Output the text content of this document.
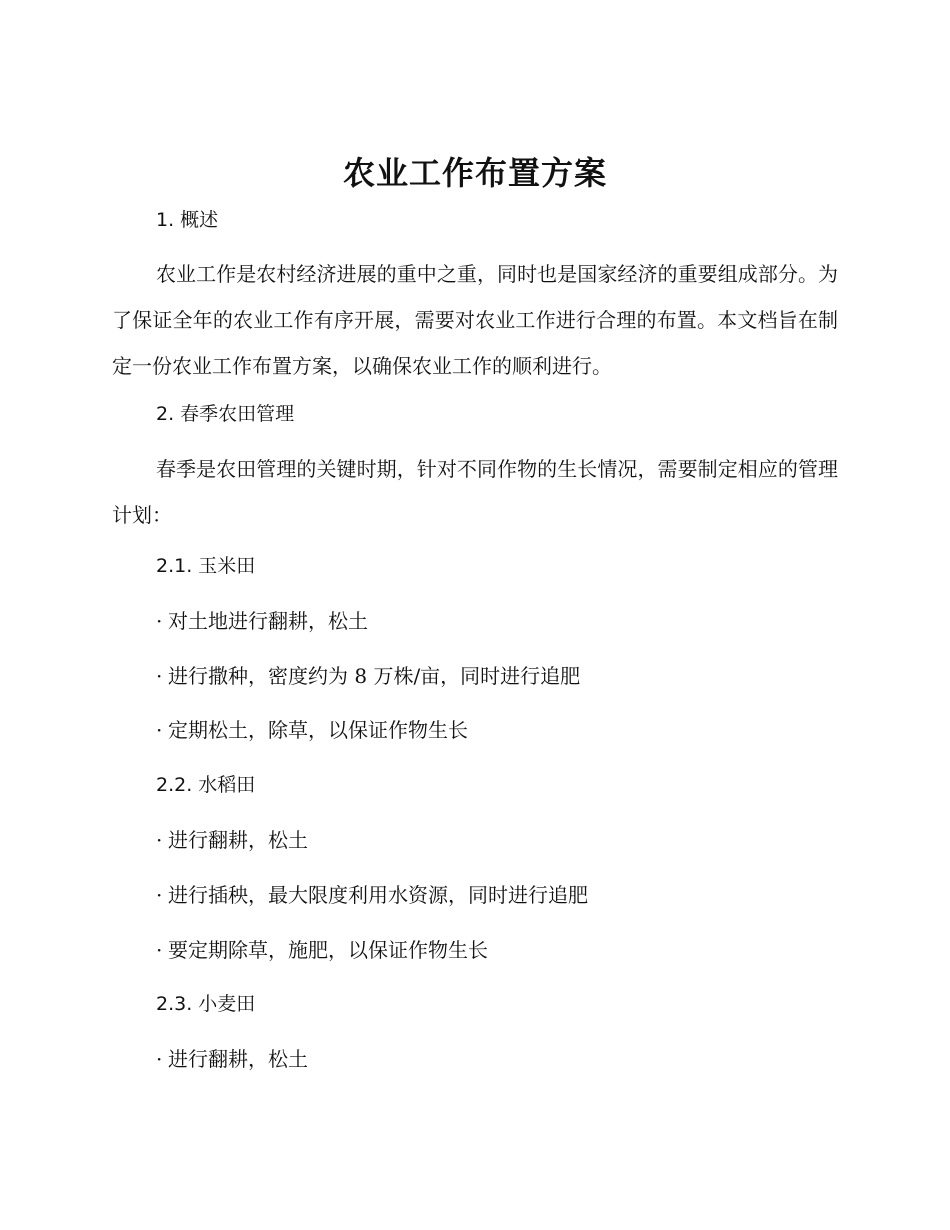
农业工作布置方案
1. 概述

农业工作是农村经济进展的重中之重，同时也是国家经济的重要组成部分。为了保证全年的农业工作有序开展，需要对农业工作进行合理的布置。本文档旨在制定一份农业工作布置方案，以确保农业工作的顺利进行。

2. 春季农田管理

春季是农田管理的关键时期，针对不同作物的生长情况，需要制定相应的管理计划：

2.1. 玉米田
· 对土地进行翻耕，松土
· 进行撒种，密度约为 8 万株/亩，同时进行追肥
· 定期松土，除草，以保证作物生长
2.2. 水稻田
· 进行翻耕，松土
· 进行插秧，最大限度利用水资源，同时进行追肥
· 要定期除草，施肥，以保证作物生长
2.3. 小麦田
· 进行翻耕，松土
